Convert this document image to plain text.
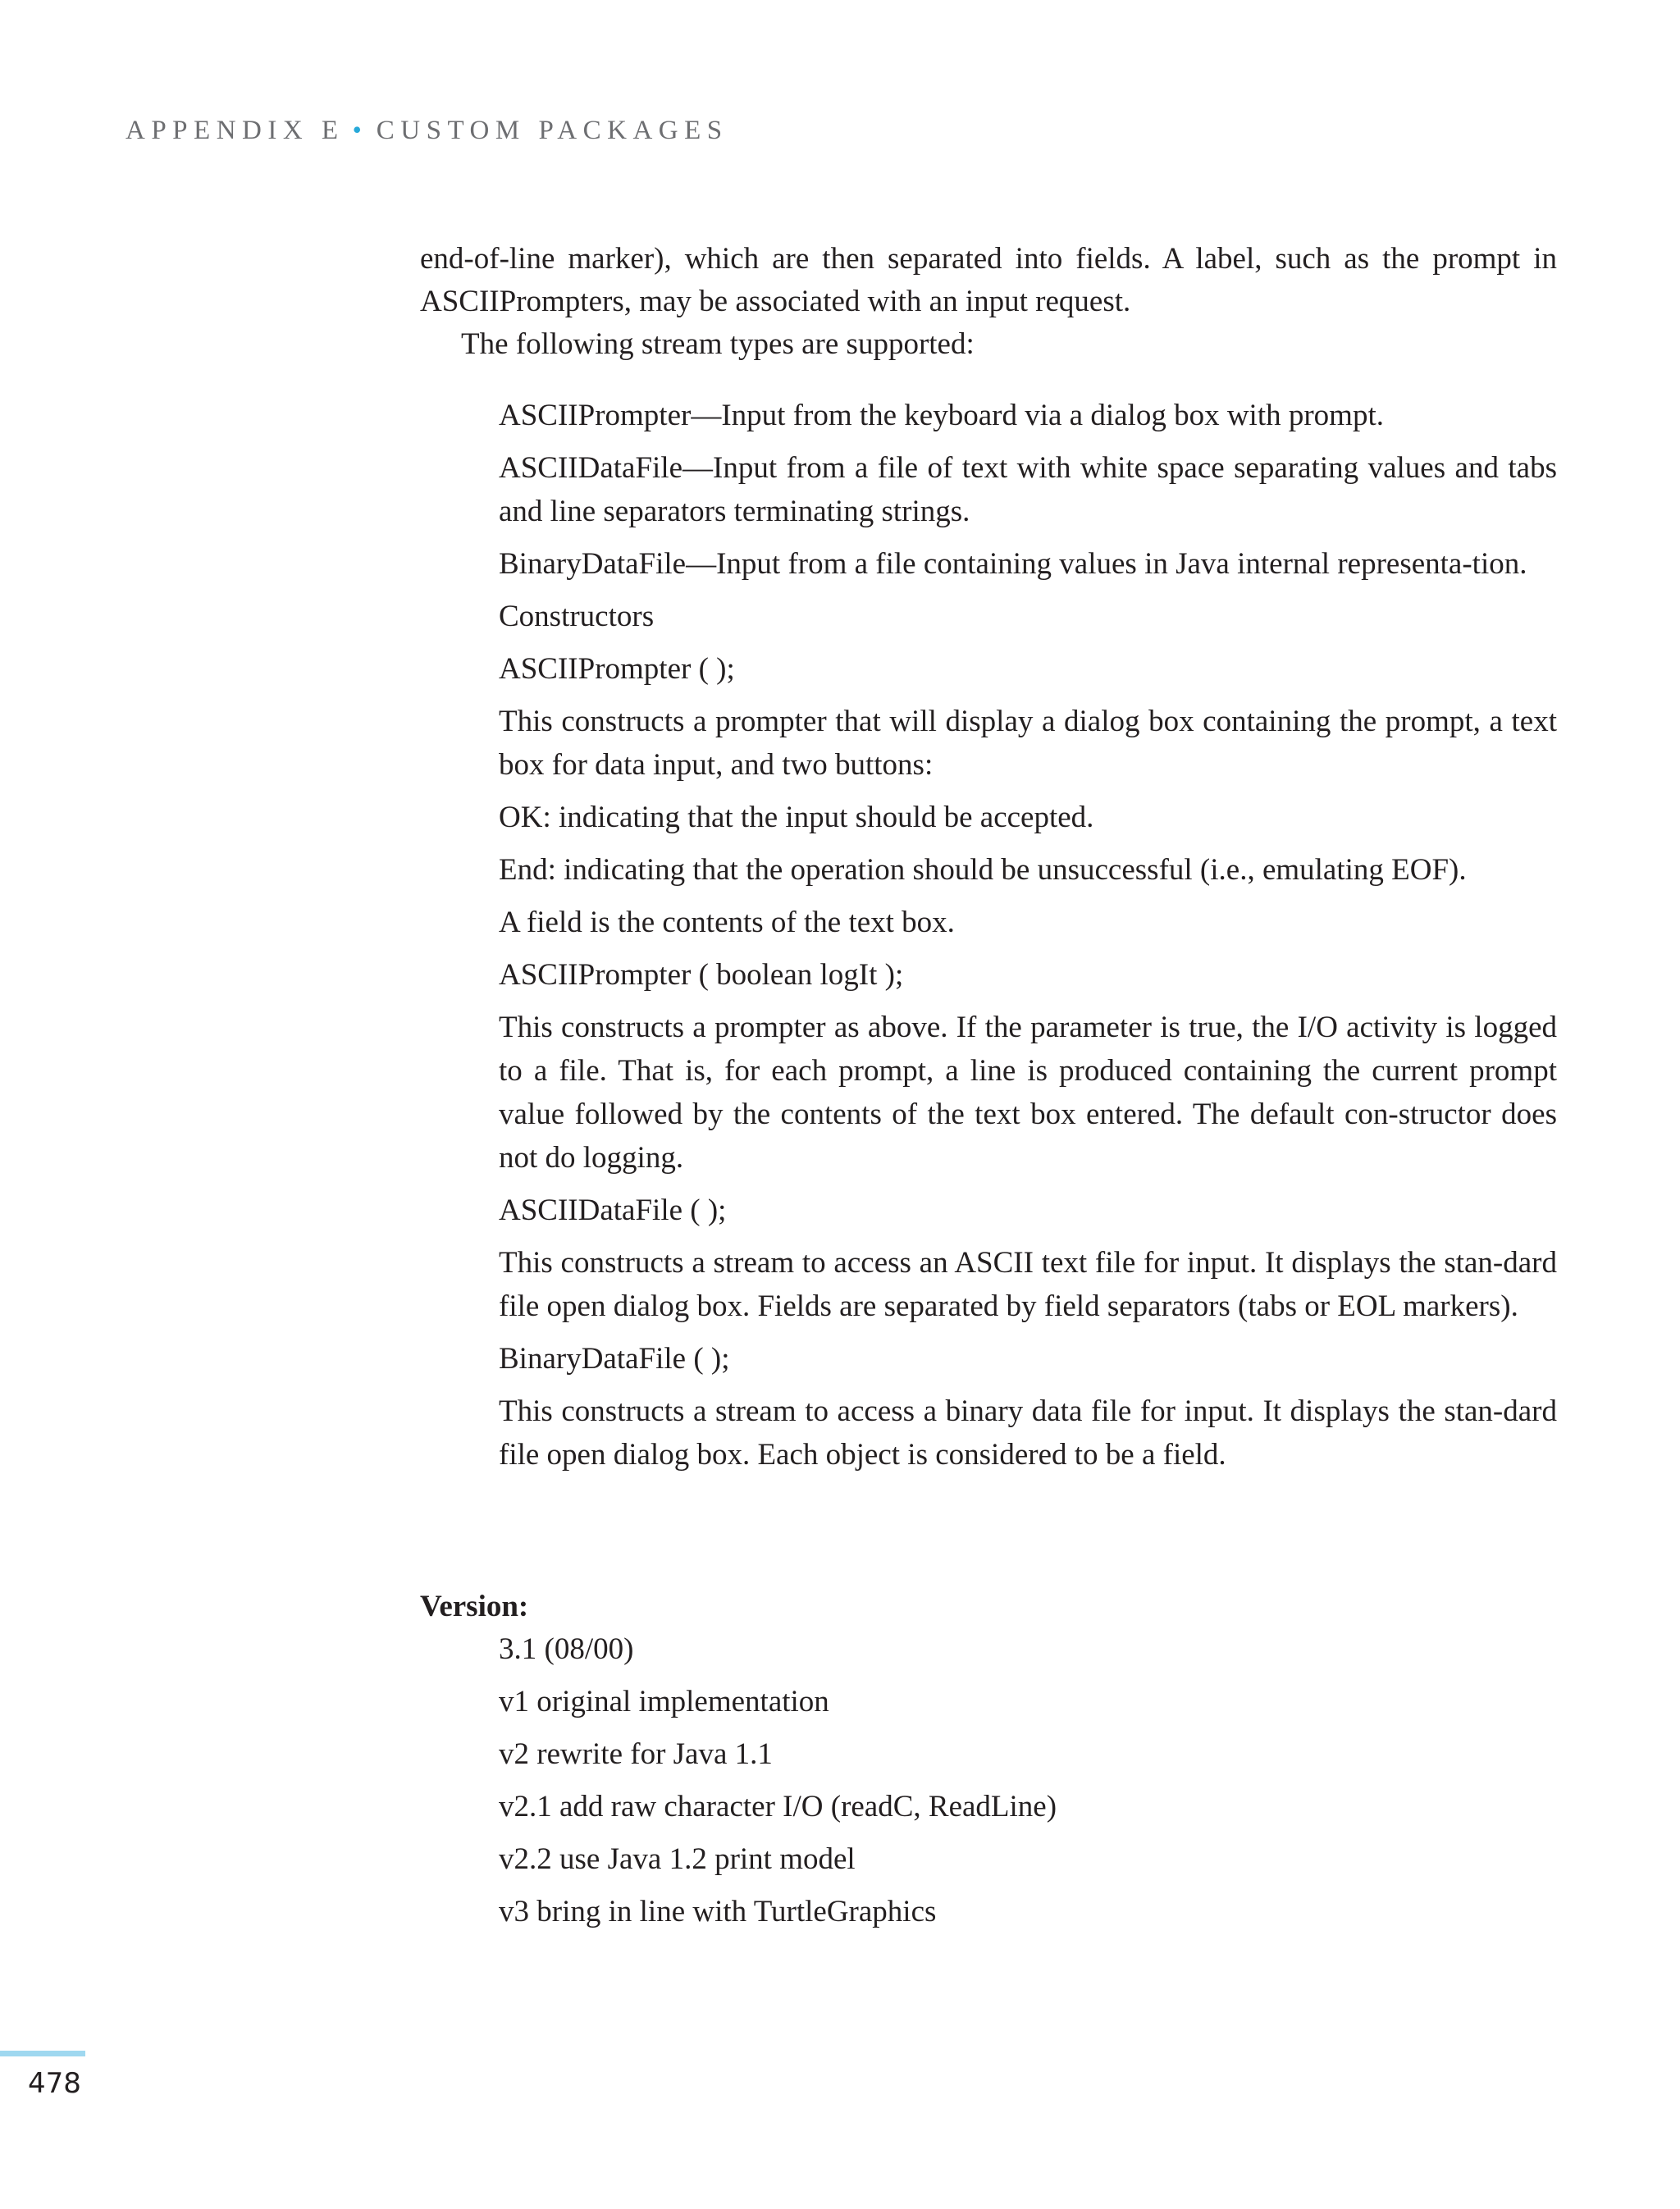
APPENDIX E • CUSTOM PACKAGES

end-of-line marker), which are then separated into fields. A label, such as the prompt in ASCIIPrompters, may be associated with an input request.

The following stream types are supported:

ASCIIPrompter—Input from the keyboard via a dialog box with prompt.

ASCIIDataFile—Input from a file of text with white space separating values and tabs and line separators terminating strings.

BinaryDataFile—Input from a file containing values in Java internal representa-tion.

Constructors

ASCIIPrompter ( );

This constructs a prompter that will display a dialog box containing the prompt, a text box for data input, and two buttons:

OK: indicating that the input should be accepted.

End: indicating that the operation should be unsuccessful (i.e., emulating EOF).

A field is the contents of the text box.

ASCIIPrompter ( boolean logIt );

This constructs a prompter as above. If the parameter is true, the I/O activity is logged to a file. That is, for each prompt, a line is produced containing the current prompt value followed by the contents of the text box entered. The default con-structor does not do logging.

ASCIIDataFile ( );

This constructs a stream to access an ASCII text file for input. It displays the stan-dard file open dialog box. Fields are separated by field separators (tabs or EOL markers).

BinaryDataFile ( );

This constructs a stream to access a binary data file for input. It displays the stan-dard file open dialog box. Each object is considered to be a field.

Version:

3.1 (08/00)

v1 original implementation

v2 rewrite for Java 1.1

v2.1 add raw character I/O (readC, ReadLine)

v2.2 use Java 1.2 print model

v3 bring in line with TurtleGraphics

478
